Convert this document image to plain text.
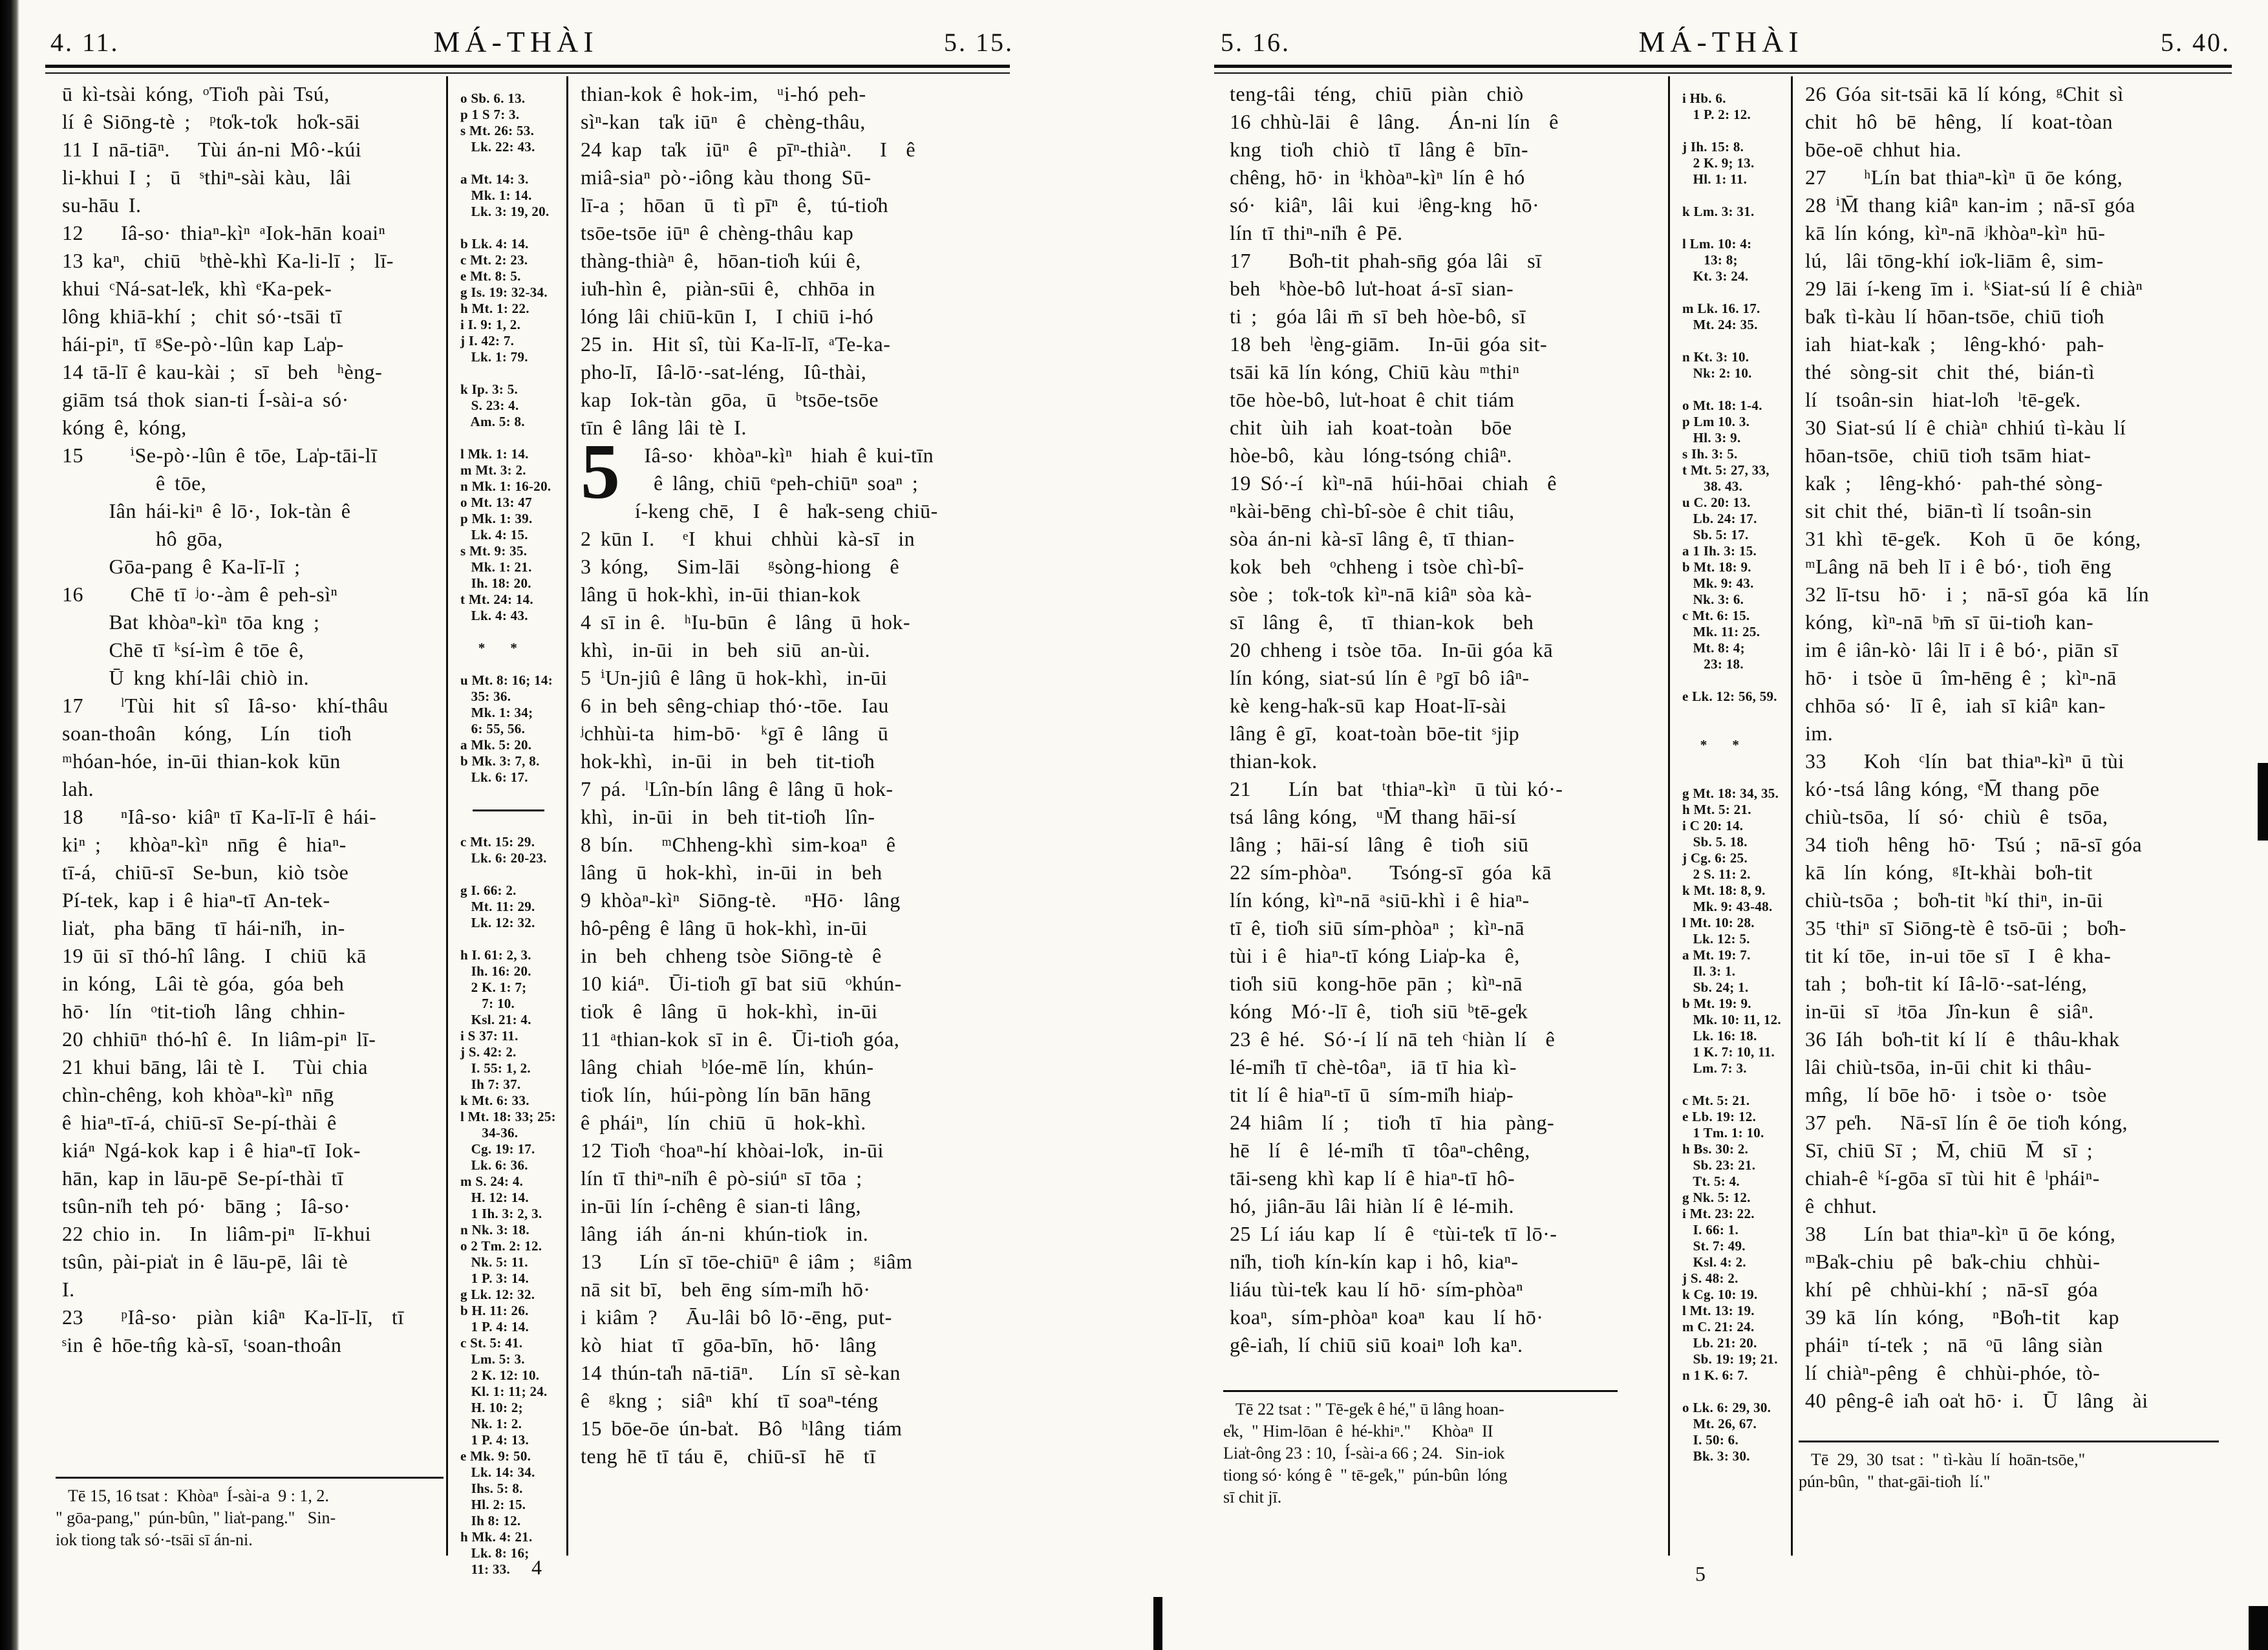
4. 11.	MÁ-THÀI	5. 15.
ū kì-tsài kóng, ᵒTio̍h pài Tsú,
lí ê Siōng-tè ;  ᵖto̍k-to̍k  ho̍k-sāi
11 I nā-tiāⁿ.   Tùi án-ni Mô·-kúi
li-khui I ;  ū  ˢthiⁿ-sài kàu,  lâi
su-hāu I.
12    Iâ-so· thiaⁿ-kìⁿ ᵃIok-hān koaiⁿ
13 kaⁿ,  chiū  ᵇthè-khì Ka-li-lī ;  lī-
khui ᶜNá-sat-le̍k, khì ᵉKa-pek-
lông khiā-khí ;  chit só·-tsāi tī
hái-piⁿ, tī ᵍSe-pò·-lûn kap La̍p-
14 tā-lī ê kau-kài ;  sī  beh  ʰèng-
giām tsá thok sian-ti Í-sài-a só·
kóng ê, kóng,
15     ⁱSe-pò·-lûn ê tōe, La̍p-tāi-lī
ê tōe,
Iân hái-kiⁿ ê lō·, Iok-tàn ê
hô gōa,
Gōa-pang ê Ka-lī-lī ;
16     Chē tī ʲo·-àm ê peh-sìⁿ
Bat khòaⁿ-kìⁿ tōa kng ;
Chē tī ᵏsí-ìm ê tōe ê,
Ū kng khí-lâi chiò in.
17    ˡTùi  hit  sî  Iâ-so·  khí-thâu
soan-thoân   kóng,   Lín   tio̍h
ᵐhóan-hóe, in-ūi thian-kok kūn
lah.
18    ⁿIâ-so· kiâⁿ tī Ka-lī-lī ê hái-
kiⁿ ;   khòaⁿ-kìⁿ  nn̄g  ê  hiaⁿ-
tī-á,  chiū-sī  Se-bun,  kiò tsòe
Pí-tek, kap i ê hiaⁿ-tī An-tek-
lia̍t,  pha bāng  tī hái-ni̍h,  in-
19 ūi sī thó-hî lâng.  I  chiū  kā
in kóng,  Lâi tè góa,  góa beh
hō·  lín  ᵒtit-tio̍h  lâng  chhin-
20 chhiūⁿ thó-hî ê.  In liâm-piⁿ lī-
21 khui bāng, lâi tè I.   Tùi chia
chìn-chêng, koh khòaⁿ-kìⁿ nn̄g
ê hiaⁿ-tī-á, chiū-sī Se-pí-thài ê
kiáⁿ Ngá-kok kap i ê hiaⁿ-tī Iok-
hān, kap in lāu-pē Se-pí-thài tī
tsûn-ni̍h teh pó·  bāng ;  Iâ-so·
22 chio in.   In  liâm-piⁿ  lī-khui
tsûn, pài-pia̍t in ê lāu-pē, lâi tè
I.
23    ᵖIâ-so·  piàn  kiâⁿ  Ka-lī-lī,  tī
ˢin ê hōe-tn̂g kà-sī, ᵗsoan-thoân
o Sb. 6. 13.
p 1 S 7: 3.
s Mt. 26: 53.
Lk. 22: 43.

a Mt. 14: 3.
Mk. 1: 14.
Lk. 3: 19, 20.

b Lk. 4: 14.
c Mt. 2: 23.
e Mt. 8: 5.
g Is. 19: 32-34.
h Mt. 1: 22.
i I. 9: 1, 2.
j I. 42: 7.
Lk. 1: 79.

k Ip. 3: 5.
S. 23: 4.
Am. 5: 8.

l Mk. 1: 14.
m Mt. 3: 2.
n Mk. 1: 16-20.
o Mt. 13: 47
p Mk. 1: 39.
Lk. 4: 15.
s Mt. 9: 35.
Mk. 1: 21.
Ih. 18: 20.
t Mt. 24: 14.
Lk. 4: 43.

*       *

u Mt. 8: 16; 14:
35: 36.
Mk. 1: 34;
6: 55, 56.
a Mk. 5: 20.
b Mk. 3: 7, 8.
Lk. 6: 17.

c Mt. 15: 29.
Lk. 6: 20-23.

g I. 66: 2.
Mt. 11: 29.
Lk. 12: 32.

h I. 61: 2, 3.
Ih. 16: 20.
2 K. 1: 7;
7: 10.
Ksl. 21: 4.
i S 37: 11.
j S. 42: 2.
I. 55: 1, 2.
Ih 7: 37.
k Mt. 6: 33.
l Mt. 18: 33; 25:
34-36.
Cg. 19: 17.
Lk. 6: 36.
m S. 24: 4.
H. 12: 14.
1 Ih. 3: 2, 3.
n Nk. 3: 18.
o 2 Tm. 2: 12.
Nk. 5: 11.
1 P. 3: 14.
g Lk. 12: 32.
b H. 11: 26.
1 P. 4: 14.
c St. 5: 41.
Lm. 5: 3.
2 K. 12: 10.
Kl. 1: 11; 24.
H. 10: 2;
Nk. 1: 2.
1 P. 4: 13.
e Mk. 9: 50.
Lk. 14: 34.
Ihs. 5: 8.
Hl. 2: 15.
Ih 8: 12.
h Mk. 4: 21.
Lk. 8: 16;
11: 33.
thian-kok ê hok-im,  ᵘi-hó peh-
sìⁿ-kan  ta̍k iūⁿ  ê  chèng-thâu,
24 kap  ta̍k  iūⁿ  ê  pīⁿ-thiàⁿ.   I  ê
miâ-siaⁿ pò·-iông kàu thong Sū-
lī-a ;  hōan  ū  tì pīⁿ  ê,  tú-tio̍h
tsōe-tsōe iūⁿ ê chèng-thâu kap
thàng-thiàⁿ ê,  hōan-tio̍h kúi ê,
iu̍h-hìn ê,  piàn-sūi ê,  chhōa in
lóng lâi chiū-kūn I,  I chiū i-hó
25 in.  Hit sî, tùi Ka-lī-lī, ᵃTe-ka-
pho-lī,  Iâ-lō·-sat-léng,  Iû-thài,
kap  Iok-tàn  gōa,  ū  ᵇtsōe-tsōe
tīn ê lâng lâi tè I.
5 Iâ-so·  khòaⁿ-kìⁿ  hiah ê kui-tīn
ê lâng, chiū ᵉpeh-chiūⁿ soaⁿ ;
í-keng chē,  I  ê  ha̍k-seng chiū-
2 kūn I.   ᵉI  khui  chhùi  kà-sī  in
3 kóng,   Sim-lāi   ᵍsòng-hiong  ê
lâng ū hok-khì, in-ūi thian-kok
4 sī in ê.  ʰIu-būn  ê  lâng  ū hok-
khì,  in-ūi  in  beh  siū  an-ùi.
5 ⁱUn-jiû ê lâng ū hok-khì,  in-ūi
6 in beh sêng-chiap thó·-tōe.  Iau
ʲchhùi-ta  him-bō·  ᵏgī ê  lâng  ū
hok-khì,  in-ūi  in  beh  tit-tio̍h
7 pá.  ˡLîn-bín lâng ê lâng ū hok-
khì,  in-ūi  in  beh tit-tio̍h  lîn-
8 bín.   ᵐChheng-khì  sim-koaⁿ  ê
lâng  ū  hok-khì,  in-ūi  in  beh
9 khòaⁿ-kìⁿ  Siōng-tè.   ⁿHō·  lâng
hô-pêng ê lâng ū hok-khì, in-ūi
in  beh  chheng tsòe Siōng-tè  ê
10 kiáⁿ.  Ūi-tio̍h gī bat siū  ᵒkhún-
tio̍k  ê  lâng  ū  hok-khì,  in-ūi
11 ᵃthian-kok sī in ê.  Ūi-tio̍h góa,
lâng  chiah  ᵇlóe-mē lín,  khún-
tio̍k lín,  húi-pòng lín bān hāng
ê pháiⁿ,  lín  chiū  ū  hok-khì.
12 Tio̍h ᶜhoaⁿ-hí khòai-lo̍k,  in-ūi
lín tī thiⁿ-ni̍h ê pò-siúⁿ sī tōa ;
in-ūi lín í-chêng ê sian-ti lâng,
lâng  iáh  án-ni  khún-tio̍k  in.
13    Lín sī tōe-chiūⁿ ê iâm ;  ᵍiâm
nā sit bī,  beh ēng sím-mi̍h hō·
i kiâm ?   Āu-lâi bô lō·-ēng, put-
kò  hiat  tī  gōa-bīn,  hō·  lâng
14 thún-ta̍h nā-tiāⁿ.   Lín sī sè-kan
ê  ᵍkng ;  siâⁿ  khí  tī soaⁿ-téng
15 bōe-ōe ún-ba̍t.  Bô  ʰlâng  tiám
teng hē tī táu ē,  chiū-sī  hē  tī
Tē 15, 16 tsat :  Khòaⁿ  Í-sài-a  9 : 1, 2.
" gōa-pang,"  pún-bûn, " lia̍t-pang."   Sin-
iok tiong ta̍k só·-tsāi sī án-ni.
4
5. 16.	MÁ-THÀI	5. 40.
teng-tâi  téng,  chiū  piàn  chiò
16 chhù-lāi  ê  lâng.   Án-ni lín  ê
kng  tio̍h  chiò  tī  lâng ê  bīn-
chêng, hō· in ⁱkhòaⁿ-kìⁿ lín ê hó
só·  kiâⁿ,  lâi  kui  ʲêng-kng  hō·
lín tī thiⁿ-ni̍h ê Pē.
17    Bo̍h-tit phah-sn̄g góa lâi  sī
beh  ᵏhòe-bô lu̍t-hoat á-sī sian-
ti ;  góa lâi m̄ sī beh hòe-bô, sī
18 beh  ˡèng-giām.   In-ūi góa sit-
tsāi kā lín kóng, Chiū kàu ᵐthiⁿ
tōe hòe-bô, lu̍t-hoat ê chit tiám
chit  ùih  iah  koat-toàn   bōe
hòe-bô,  kàu  lóng-tsóng chiâⁿ.
19 Só·-í  kìⁿ-nā  húi-hōai  chiah  ê
ⁿkài-bēng chì-bî-sòe ê chit tiâu,
sòa án-ni kà-sī lâng ê, tī thian-
kok  beh  ᵒchheng i tsòe chì-bî-
sòe ;  to̍k-to̍k kìⁿ-nā kiâⁿ sòa kà-
sī  lâng  ê,   tī  thian-kok   beh
20 chheng i tsòe tōa.  In-ūi góa kā
lín kóng, siat-sú lín ê ᵖgī bô iâⁿ-
kè keng-ha̍k-sū kap Hoat-lī-sài
lâng ê gī,  koat-toàn bōe-tit ˢjip
thian-kok.
21    Lín  bat  ᵗthiaⁿ-kìⁿ  ū tùi kó·-
tsá lâng kóng,  ᵘM̄ thang hāi-sí
lâng ;  hāi-sí  lâng  ê  tio̍h  siū
22 sím-phòaⁿ.    Tsóng-sī  góa  kā
lín kóng, kìⁿ-nā ᵃsiū-khì i ê hiaⁿ-
tī ê, tio̍h siū sím-phòaⁿ ;  kìⁿ-nā
tùi i ê  hiaⁿ-tī kóng Lia̍p-ka  ê,
tio̍h siū  kong-hōe pān ;  kìⁿ-nā
kóng  Mó·-lī ê,  tio̍h siū ᵇtē-ge̍k
23 ê hé.  Só·-í lí nā teh ᶜhiàn lí  ê
lé-mi̍h tī chè-tôaⁿ,  iā tī hia kì-
tit lí ê hiaⁿ-tī ū  sím-mi̍h hia̍p-
24 hiâm  lí ;   tio̍h  tī  hia  pàng-
hē  lí  ê  lé-mi̍h  tī  tôaⁿ-chêng,
tāi-seng khì kap lí ê hiaⁿ-tī hô-
hó, jiân-āu lâi hiàn lí ê lé-mih.
25 Lí iáu kap  lí  ê  ᵉtùi-te̍k tī lō·-
ni̍h, tio̍h kín-kín kap i hô, kiaⁿ-
liáu tùi-te̍k kau lí hō· sím-phòaⁿ
koaⁿ,  sím-phòaⁿ koaⁿ  kau  lí hō·
gê-ia̍h, lí chiū siū koaiⁿ lo̍h kaⁿ.
Tē 22 tsat : " Tē-ge̍k ê hé," ū lâng hoan-
e̍k,  " Him-lōan  ê  hé-khiⁿ."     Khòaⁿ  II
Lia̍t-ông 23 : 10,  Í-sài-a 66 ; 24.   Sin-iok
tiong só· kóng ê  " tē-ge̍k,"  pún-bûn  lóng
sī chit jī.
i Hb. 6.
1 P. 2: 12.

j Ih. 15: 8.
2 K. 9; 13.
Hl. 1: 11.

k Lm. 3: 31.

l Lm. 10: 4:
13: 8;
Kt. 3: 24.

m Lk. 16. 17.
Mt. 24: 35.

n Kt. 3: 10.
Nk: 2: 10.

o Mt. 18: 1-4.
p Lm 10. 3.
Hl. 3: 9.
s Ih. 3: 5.
t Mt. 5: 27, 33,
38. 43.
u C. 20: 13.
Lb. 24: 17.
Sb. 5: 17.
a 1 Ih. 3: 15.
b Mt. 18: 9.
Mk. 9: 43.
Nk. 3: 6.
c Mt. 6: 15.
Mk. 11: 25.
Mt. 8: 4;
23: 18.

e Lk. 12: 56, 59.

*       *

g Mt. 18: 34, 35.
h Mt. 5: 21.
i C 20: 14.
Sb. 5. 18.
j Cg. 6: 25.
2 S. 11: 2.
k Mt. 18: 8, 9.
Mk. 9: 43-48.
l Mt. 10: 28.
Lk. 12: 5.
a Mt. 19: 7.
Il. 3: 1.
Sb. 24; 1.
b Mt. 19: 9.
Mk. 10: 11, 12.
Lk. 16: 18.
1 K. 7: 10, 11.
Lm. 7: 3.

c Mt. 5: 21.
e Lb. 19: 12.
1 Tm. 1: 10.
h Bs. 30: 2.
Sb. 23: 21.
Tt. 5: 4.
g Nk. 5: 12.
i Mt. 23: 22.
I. 66: 1.
St. 7: 49.
Ksl. 4: 2.
j S. 48: 2.
k Cg. 10: 19.
l Mt. 13: 19.
m C. 21: 24.
Lb. 21: 20.
Sb. 19: 19; 21.
n 1 K. 6: 7.

o Lk. 6: 29, 30.
Mt. 26, 67.
I. 50: 6.
Bk. 3: 30.
26 Góa sit-tsāi kā lí kóng, ᵍChit sì
chit  hô  bē  hêng,  lí  koat-tòan
bōe-oē chhut hia.
27    ʰLín bat thiaⁿ-kìⁿ ū ōe kóng,
28 ⁱM̄ thang kiâⁿ kan-im ; nā-sī góa
kā lín kóng, kìⁿ-nā ʲkhòaⁿ-kìⁿ hū-
lú,  lâi tōng-khí io̍k-liām ê, sim-
29 lāi í-keng īm i. ᵏSiat-sú lí ê chiàⁿ
ba̍k tì-kàu lí hōan-tsōe, chiū tio̍h
iah  hiat-ka̍k ;   lêng-khó·  pah-
thé  sòng-sit  chit  thé,  bián-tì
lí  tsoân-sin  hiat-lo̍h  ˡtē-ge̍k.
30 Siat-sú lí ê chiàⁿ chhiú tì-kàu lí
hōan-tsōe,  chiū tio̍h tsām hiat-
ka̍k ;   lêng-khó·  pah-thé sòng-
sit chit thé,  biān-tì lí tsoân-sin
31 khì  tē-ge̍k.   Koh  ū  ōe  kóng,
ᵐLâng nā beh lī i ê bó·, tio̍h ēng
32 lī-tsu  hō·  i ;  nā-sī góa  kā  lín
kóng,  kìⁿ-nā ᵇm̄ sī ūi-tio̍h kan-
im ê iân-kò· lâi lī i ê bó·, piān sī
hō·  i tsòe ū  îm-hēng ê ;  kìⁿ-nā
chhōa só·  lī ê,  iah sī kiâⁿ kan-
im.
33    Koh  ᶜlín  bat thiaⁿ-kìⁿ ū tùi
kó·-tsá lâng kóng, ᵉM̄ thang pōe
chiù-tsōa,  lí  só·  chiù  ê  tsōa,
34 tio̍h  hêng  hō·  Tsú ;  nā-sī góa
kā  lín  kóng,  ᵍIt-khài  bo̍h-tit
chiù-tsōa ;  bo̍h-tit ʰkí thiⁿ, in-ūi
35 ᵗthiⁿ sī Siōng-tè ê tsō-ūi ;  bo̍h-
tit kí tōe,  in-ui tōe sī  I  ê kha-
tah ;  bo̍h-tit kí Iâ-lō·-sat-léng,
in-ūi  sī  ʲtōa  Jîn-kun  ê  siâⁿ.
36 Iáh  bo̍h-tit kí lí  ê  thâu-khak
lâi chiù-tsōa, in-ūi chit ki thâu-
mn̂g,  lí bōe hō·  i tsòe o·  tsòe
37 pe̍h.   Nā-sī lín ê ōe tio̍h kóng,
Sī, chiū Sī ;  M̄, chiū  M̄  sī ;
chiah-ê ᵏí-gōa sī tùi hit ê ˡpháiⁿ-
ê chhut.
38    Lín bat thiaⁿ-kìⁿ ū ōe kóng,
ᵐBa̍k-chiu  pê  ba̍k-chiu  chhùi-
khí  pê  chhùi-khí ;  nā-sī  góa
39 kā  lín  kóng,   ⁿBo̍h-tit   kap
pháiⁿ  tí-te̍k ;  nā  ᵒū  lâng siàn
lí chiàⁿ-pêng  ê  chhùi-phóe, tò-
40 pêng-ê ia̍h oa̍t hō· i.  Ū  lâng  ài
Tē  29,  30  tsat :  " tì-kàu  lí  hoān-tsōe,"
pún-bûn,  " that-gāi-tio̍h  lí."
5
